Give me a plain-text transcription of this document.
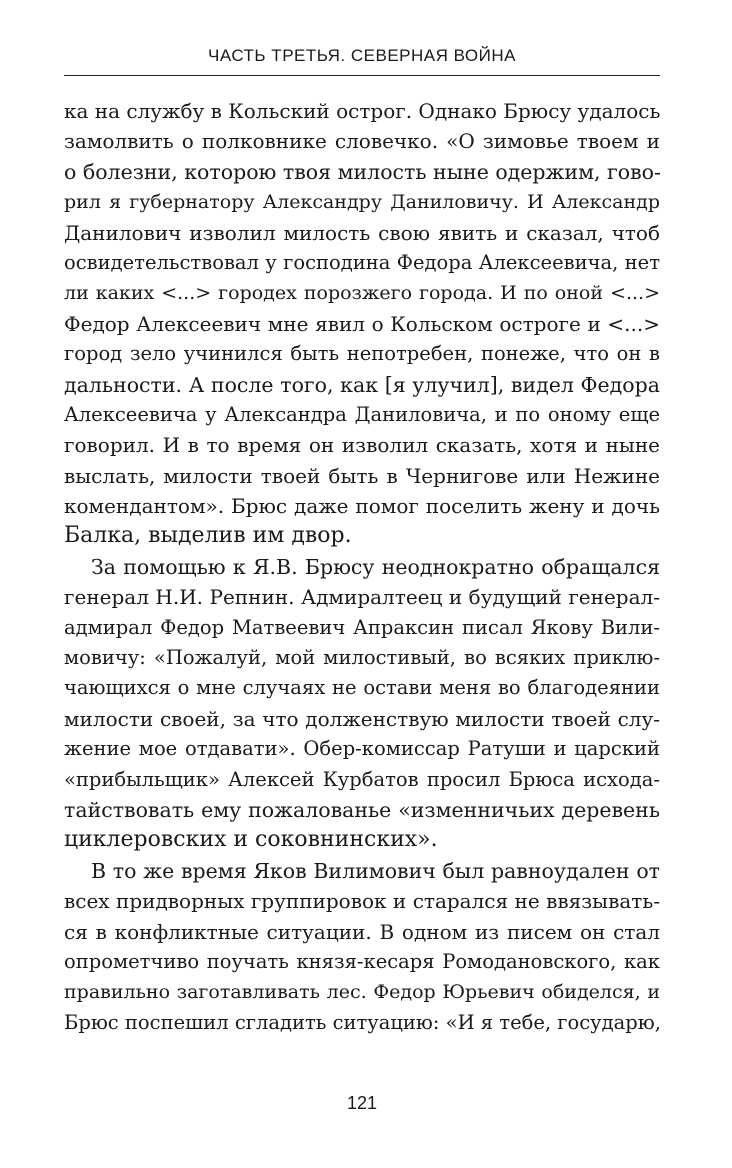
ЧАСТЬ ТРЕТЬЯ. СЕВЕРНАЯ ВОЙНА
ка на службу в Кольский острог. Однако Брюсу удалось
замолвить о полковнике словечко. «О зимовье твоем и
о болезни, которою твоя милость ныне одержим, гово-
рил я губернатору Александру Даниловичу. И Александр
Данилович изволил милость свою явить и сказал, чтоб
освидетельствовал у господина Федора Алексеевича, нет
ли каких <...> городех порозжего города. И по оной <...>
Федор Алексеевич мне явил о Кольском остроге и <...>
город зело учинился быть непотребен, понеже, что он в
дальности. А после того, как [я улучил], видел Федора
Алексеевича у Александра Даниловича, и по оному еще
говорил. И в то время он изволил сказать, хотя и ныне
выслать, милости твоей быть в Чернигове или Нежине
комендантом». Брюс даже помог поселить жену и дочь
Балка, выделив им двор.
За помощью к Я.В. Брюсу неоднократно обращался
генерал Н.И. Репнин. Адмиралтеец и будущий генерал-
адмирал Федор Матвеевич Апраксин писал Якову Вили-
мовичу: «Пожалуй, мой милостивый, во всяких приклю-
чающихся о мне случаях не остави меня во благодеянии
милости своей, за что долженствую милости твоей слу-
жение мое отдавати». Обер-комиссар Ратуши и царский
«прибыльщик» Алексей Курбатов просил Брюса исхода-
тайствовать ему пожалованье «изменничьих деревень
циклеровских и соковнинских».
В то же время Яков Вилимович был равноудален от
всех придворных группировок и старался не ввязывать-
ся в конфликтные ситуации. В одном из писем он стал
опрометчиво поучать князя-кесаря Ромодановского, как
правильно заготавливать лес. Федор Юрьевич обиделся, и
Брюс поспешил сгладить ситуацию: «И я тебе, государю,
121
